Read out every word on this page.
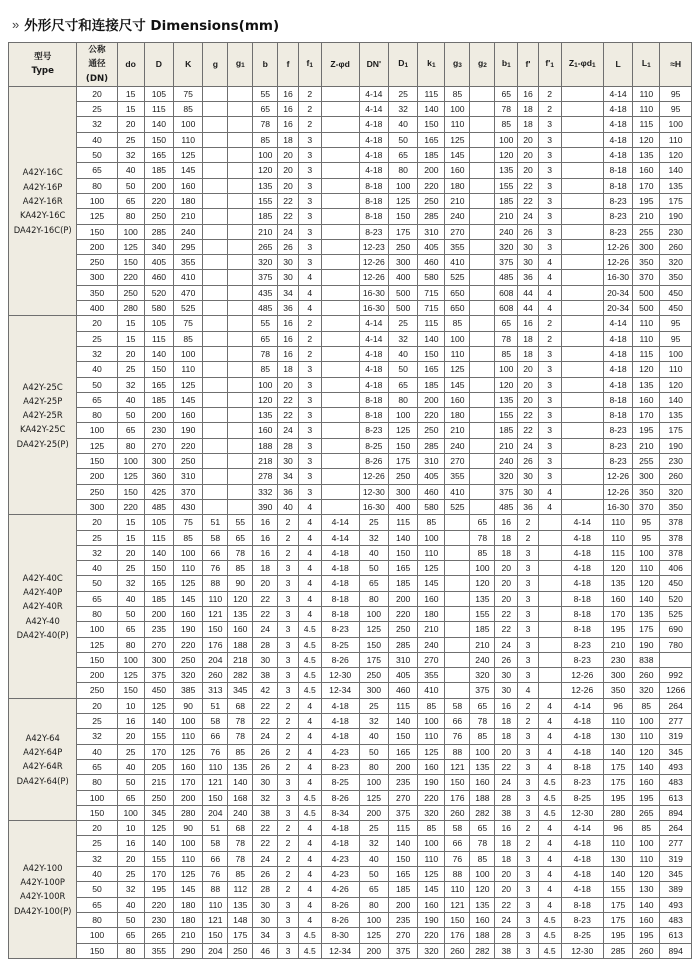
» 外形尺寸和连接尺寸 Dimensions(mm)
型号
Type	公称
通径
(DN)	do	D	K	g	g1	b	f	f1	Z-φd	DN'	D1	k1	g3	g2	b1	f'	f'1	Z1-φd1	L	L1	≈H
A42Y-16C
A42Y-16P
A42Y-16R
KA42Y-16C
DA42Y-16C(P)	20	15	105	75			55	16	2		4-14	25	115	85		65	16	2		4-14	110	95
	25	15	115	85			65	16	2		4-14	32	140	100		78	18	2		4-18	110	95
	32	20	140	100			78	16	2		4-18	40	150	110		85	18	3		4-18	115	100
	40	25	150	110			85	18	3		4-18	50	165	125		100	20	3		4-18	120	110
	50	32	165	125			100	20	3		4-18	65	185	145		120	20	3		4-18	135	120
	65	40	185	145			120	20	3		4-18	80	200	160		135	20	3		8-18	160	140
	80	50	200	160			135	20	3		8-18	100	220	180		155	22	3		8-18	170	135
	100	65	220	180			155	22	3		8-18	125	250	210		185	22	3		8-23	195	175
	125	80	250	210			185	22	3		8-18	150	285	240		210	24	3		8-23	210	190
	150	100	285	240			210	24	3		8-23	175	310	270		240	26	3		8-23	255	230
	200	125	340	295			265	26	3		12-23	250	405	355		320	30	3		12-26	300	260
	250	150	405	355			320	30	3		12-26	300	460	410		375	30	4		12-26	350	320
	300	220	460	410			375	30	4		12-26	400	580	525		485	36	4		16-30	370	350
	350	250	520	470			435	34	4		16-30	500	715	650		608	44	4		20-34	500	450
	400	280	580	525			485	36	4		16-30	500	715	650		608	44	4		20-34	500	450
A42Y-25C
A42Y-25P
A42Y-25R
KA42Y-25C
DA42Y-25(P)	20	15	105	75			55	16	2		4-14	25	115	85		65	16	2		4-14	110	95
	25	15	115	85			65	16	2		4-14	32	140	100		78	18	2		4-18	110	95
	32	20	140	100			78	16	2		4-18	40	150	110		85	18	3		4-18	115	100
	40	25	150	110			85	18	3		4-18	50	165	125		100	20	3		4-18	120	110
	50	32	165	125			100	20	3		4-18	65	185	145		120	20	3		4-18	135	120
	65	40	185	145			120	22	3		8-18	80	200	160		135	20	3		8-18	160	140
	80	50	200	160			135	22	3		8-18	100	220	180		155	22	3		8-18	170	135
	100	65	230	190			160	24	3		8-23	125	250	210		185	22	3		8-23	195	175
	125	80	270	220			188	28	3		8-25	150	285	240		210	24	3		8-23	210	190
	150	100	300	250			218	30	3		8-26	175	310	270		240	26	3		8-23	255	230
	200	125	360	310			278	34	3		12-26	250	405	355		320	30	3		12-26	300	260
	250	150	425	370			332	36	3		12-30	300	460	410		375	30	4		12-26	350	320
	300	220	485	430			390	40	4		16-30	400	580	525		485	36	4		16-30	370	350
A42Y-40C
A42Y-40P
A42Y-40R
A42Y-40
DA42Y-40(P)	20	15	105	75	51	55	16	2	4	4-14	25	115	85		65	16	2		4-14	110	95	378
	25	15	115	85	58	65	16	2	4	4-14	32	140	100		78	18	2		4-18	110	95	378
	32	20	140	100	66	78	16	2	4	4-18	40	150	110		85	18	3		4-18	115	100	378
	40	25	150	110	76	85	18	3	4	4-18	50	165	125		100	20	3		4-18	120	110	406
	50	32	165	125	88	90	20	3	4	4-18	65	185	145		120	20	3		4-18	135	120	450
	65	40	185	145	110	120	22	3	4	8-18	80	200	160		135	20	3		8-18	160	140	520
	80	50	200	160	121	135	22	3	4	8-18	100	220	180		155	22	3		8-18	170	135	525
	100	65	235	190	150	160	24	3	4.5	8-23	125	250	210		185	22	3		8-18	195	175	690
	125	80	270	220	176	188	28	3	4.5	8-25	150	285	240		210	24	3		8-23	210	190	780
	150	100	300	250	204	218	30	3	4.5	8-26	175	310	270		240	26	3		8-23	230	838	
	200	125	375	320	260	282	38	3	4.5	12-30	250	405	355		320	30	3		12-26	300	260	992
	250	150	450	385	313	345	42	3	4.5	12-34	300	460	410		375	30	4		12-26	350	320	1266
A42Y-64
A42Y-64P
A42Y-64R
DA42Y-64(P)	20	10	125	90	51	68	22	2	4	4-18	25	115	85	58	65	16	2	4	4-14	96	85	264
	25	16	140	100	58	78	22	2	4	4-18	32	140	100	66	78	18	2	4	4-18	110	100	277
	32	20	155	110	66	78	24	2	4	4-18	40	150	110	76	85	18	3	4	4-18	130	110	319
	40	25	170	125	76	85	26	2	4	4-23	50	165	125	88	100	20	3	4	4-18	140	120	345
	65	40	205	160	110	135	26	2	4	8-23	80	200	160	121	135	22	3	4	8-18	175	140	493
	80	50	215	170	121	140	30	3	4	8-25	100	235	190	150	160	24	3	4.5	8-23	175	160	483
	100	65	250	200	150	168	32	3	4.5	8-26	125	270	220	176	188	28	3	4.5	8-25	195	195	613
	150	100	345	280	204	240	38	3	4.5	8-34	200	375	320	260	282	38	3	4.5	12-30	280	265	894
A42Y-100
A42Y-100P
A42Y-100R
DA42Y-100(P)	20	10	125	90	51	68	22	2	4	4-18	25	115	85	58	65	16	2	4	4-14	96	85	264
	25	16	140	100	58	78	22	2	4	4-18	32	140	100	66	78	18	2	4	4-18	110	100	277
	32	20	155	110	66	78	24	2	4	4-23	40	150	110	76	85	18	3	4	4-18	130	110	319
	40	25	170	125	76	85	26	2	4	4-23	50	165	125	88	100	20	3	4	4-18	140	120	345
	50	32	195	145	88	112	28	2	4	4-26	65	185	145	110	120	20	3	4	4-18	155	130	389
	65	40	220	180	110	135	30	3	4	8-26	80	200	160	121	135	22	3	4	8-18	175	140	493
	80	50	230	180	121	148	30	3	4	8-26	100	235	190	150	160	24	3	4.5	8-23	175	160	483
	100	65	265	210	150	175	34	3	4.5	8-30	125	270	220	176	188	28	3	4.5	8-25	195	195	613
	150	80	355	290	204	250	46	3	4.5	12-34	200	375	320	260	282	38	3	4.5	12-30	285	260	894
